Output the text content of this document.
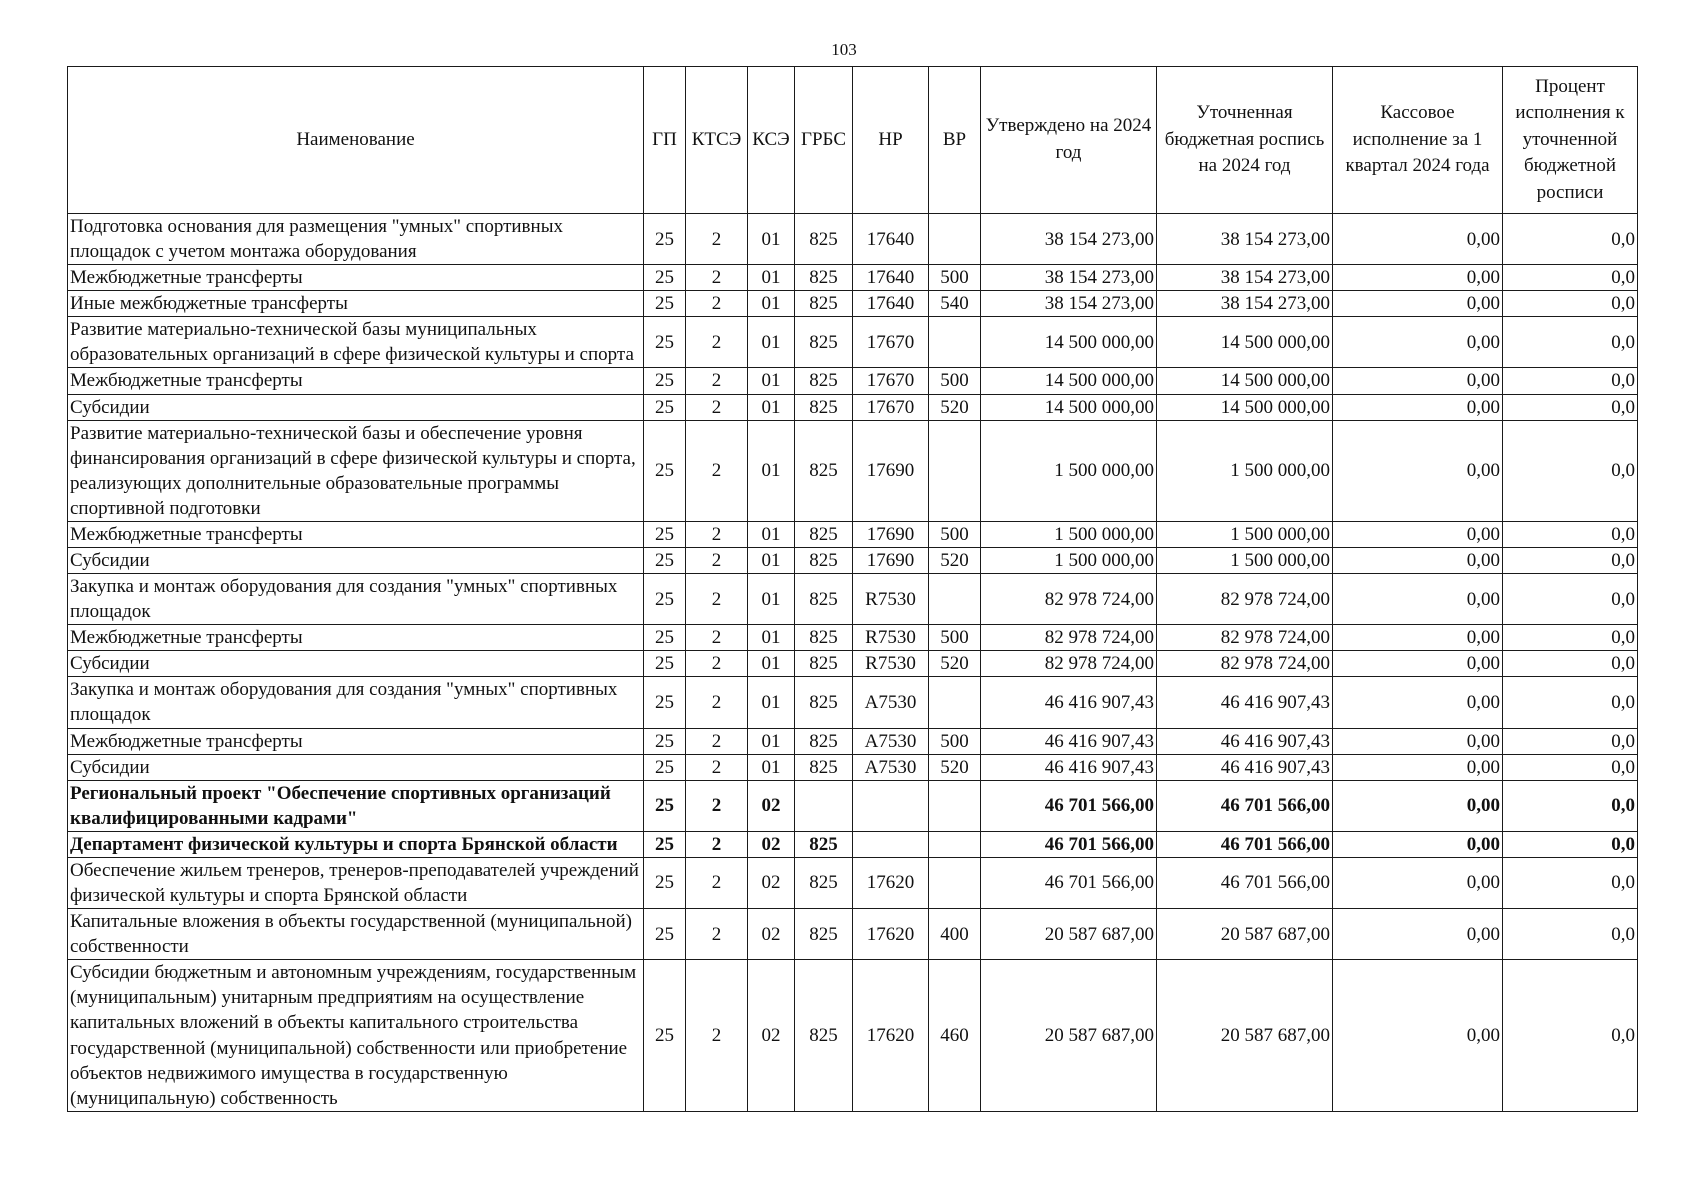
103
Наименование	ГП	КТСЭ	КСЭ	ГРБС	НР	ВР	Утверждено на 2024 год	Уточненная бюджетная роспись на 2024 год	Кассовое исполнение за 1 квартал 2024 года	Процент исполнения к уточненной бюджетной росписи
Подготовка основания для размещения "умных" спортивных площадок с учетом монтажа оборудования	25	2	01	825	17640		38 154 273,00	38 154 273,00	0,00	0,0
Межбюджетные трансферты	25	2	01	825	17640	500	38 154 273,00	38 154 273,00	0,00	0,0
Иные межбюджетные трансферты	25	2	01	825	17640	540	38 154 273,00	38 154 273,00	0,00	0,0
Развитие материально-технической базы муниципальных образовательных организаций в сфере физической культуры и спорта	25	2	01	825	17670		14 500 000,00	14 500 000,00	0,00	0,0
Межбюджетные трансферты	25	2	01	825	17670	500	14 500 000,00	14 500 000,00	0,00	0,0
Субсидии	25	2	01	825	17670	520	14 500 000,00	14 500 000,00	0,00	0,0
Развитие материально-технической базы и обеспечение уровня финансирования организаций в сфере физической культуры и спорта, реализующих дополнительные образовательные программы спортивной подготовки	25	2	01	825	17690		1 500 000,00	1 500 000,00	0,00	0,0
Межбюджетные трансферты	25	2	01	825	17690	500	1 500 000,00	1 500 000,00	0,00	0,0
Субсидии	25	2	01	825	17690	520	1 500 000,00	1 500 000,00	0,00	0,0
Закупка и монтаж оборудования для создания "умных" спортивных площадок	25	2	01	825	R7530		82 978 724,00	82 978 724,00	0,00	0,0
Межбюджетные трансферты	25	2	01	825	R7530	500	82 978 724,00	82 978 724,00	0,00	0,0
Субсидии	25	2	01	825	R7530	520	82 978 724,00	82 978 724,00	0,00	0,0
Закупка и монтаж оборудования для создания "умных" спортивных площадок	25	2	01	825	A7530		46 416 907,43	46 416 907,43	0,00	0,0
Межбюджетные трансферты	25	2	01	825	A7530	500	46 416 907,43	46 416 907,43	0,00	0,0
Субсидии	25	2	01	825	A7530	520	46 416 907,43	46 416 907,43	0,00	0,0
Региональный проект "Обеспечение спортивных организаций квалифицированными кадрами"	25	2	02				46 701 566,00	46 701 566,00	0,00	0,0
Департамент физической культуры и спорта Брянской области	25	2	02	825			46 701 566,00	46 701 566,00	0,00	0,0
Обеспечение жильем тренеров, тренеров-преподавателей учреждений физической культуры и спорта Брянской области	25	2	02	825	17620		46 701 566,00	46 701 566,00	0,00	0,0
Капитальные вложения в объекты государственной (муниципальной) собственности	25	2	02	825	17620	400	20 587 687,00	20 587 687,00	0,00	0,0
Субсидии бюджетным и автономным учреждениям, государственным (муниципальным) унитарным предприятиям на осуществление капитальных вложений в объекты капитального строительства государственной (муниципальной) собственности или приобретение объектов недвижимого имущества в государственную (муниципальную) собственность	25	2	02	825	17620	460	20 587 687,00	20 587 687,00	0,00	0,0
